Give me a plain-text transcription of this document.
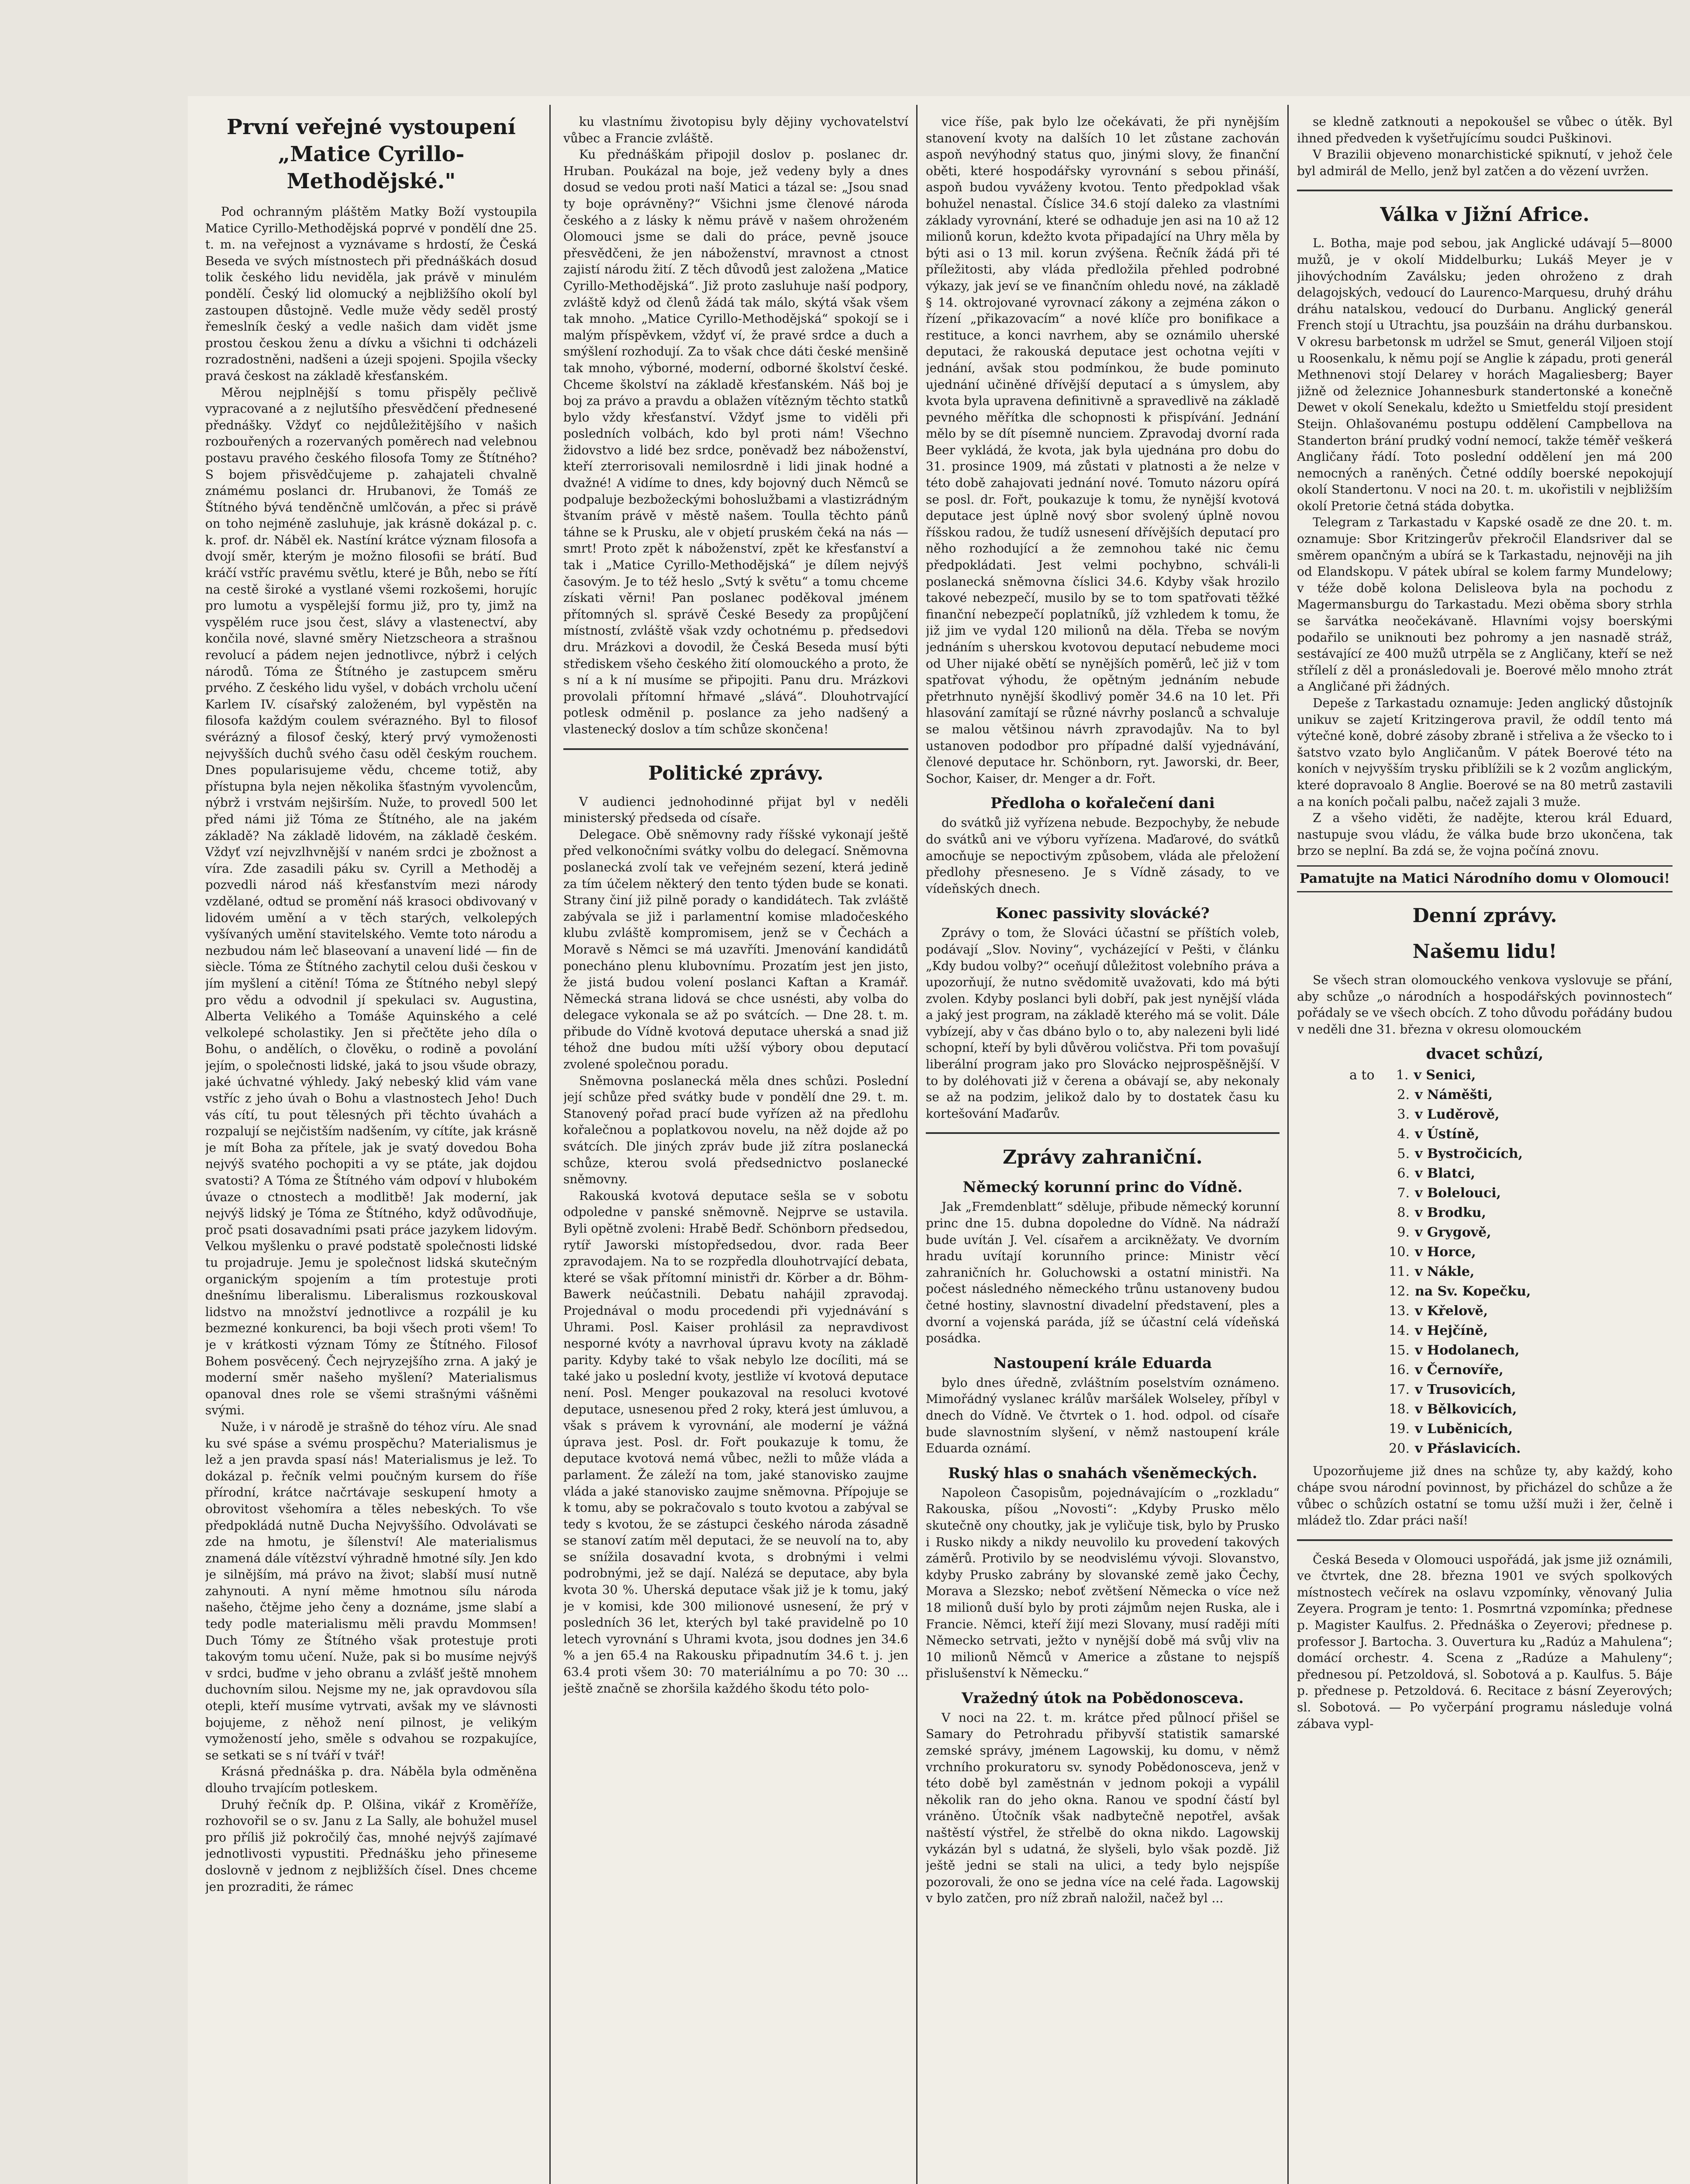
První veřejné vystoupení „Matice Cyrillo-Methodějské."

Pod ochranným pláštěm Matky Boží vystoupila Matice Cyrillo-Methodějská poprvé v pondělí dne 25. t. m. na veřejnost a vyznávame s hrdostí, že Česká Beseda ve svých místnostech při přednáškách dosud tolik českého lidu neviděla, jak právě v minulém pondělí. Český lid olomucký a nejbližšího okolí byl zastoupen důstojně. Vedle muže vědy seděl prostý řemeslník český a vedle našich dam vidět jsme prostou českou ženu a dívku a všichni ti odcházeli rozradostněni, nadšeni a úzeji spojeni. Spojila všecky pravá českost na základě křesťanském.

Měrou nejplnější s tomu přispěly pečlivě vypracované a z nejlutšího přesvědčení přednesené přednášky. Vždyť co nejdůležitějšího v našich rozbouřených a rozervaných poměrech nad velebnou postavu pravého českého filosofa Tomy ze Štítného? S bojem přisvědčujeme p. zahajateli chvalně známému poslanci dr. Hrubanovi, že Tomáš ze Štítného bývá tenděnčně umlčován, a přec si právě on toho nejméně zasluhuje, jak krásně dokázal p. c. k. prof. dr. Náběl ek. Nastíní krátce význam filosofa a dvojí směr, kterým je možno filosofii se brátí. Buď kráčí vstříc pravému světlu, které je Bůh, nebo se řítí na cestě široké a vystlané všemi rozkošemi, horujíc pro lumotu a vyspělejší formu již, pro ty, jimž na vyspělém ruce jsou čest, slávy a vlastenectví, aby končila nové, slavné směry Nietzscheora a strašnou revolucí a pádem nejen jednotlivce, nýbrž i celých národů. Tóma ze Štítného je zastupcem směru prvého. Z českého lidu vyšel, v dobách vrcholu učení Karlem IV. císařský založeném, byl vypěstěn na filosofa každým coulem svérazného. Byl to filosof svérázný a filosof český, který prvý vymoženosti nejvyšších duchů svého času oděl českým rouchem. Dnes popularisujeme vědu, chceme totiž, aby přístupna byla nejen několika šťastným vyvolencům, nýbrž i vrstvám nejširším. Nuže, to provedl 500 let před námi již Tóma ze Štítného, ale na jakém základě? Na základě lidovém, na základě českém. Vždyť vzí nejvzlhvnější v naném srdci je zbožnost a víra. Zde zasadili páku sv. Cyrill a Methoděj a pozvedli národ náš křesťanstvím mezi národy vzdělané, odtud se promění náš krasoci obdivovaný v lidovém umění a v těch starých, velkolepých vyšívaných umění stavitelského. Vemte toto národu a nezbudou nám leč blaseovaní a unavení lidé — fin de siècle. Tóma ze Štítného zachytil celou duši českou v jím myšlení a citění! Tóma ze Štítného nebyl slepý pro vědu a odvodnil jí spekulaci sv. Augustina, Alberta Velikého a Tomáše Aquinského a celé velkolepé scholastiky. Jen si přečtěte jeho díla o Bohu, o andělích, o člověku, o rodině a povolání jejím, o společnosti lidské, jaká to jsou všude obrazy, jaké úchvatné výhledy. Jaký nebeský klid vám vane vstříc z jeho úvah o Bohu a vlastnostech Jeho! Duch vás cítí, tu pout tělesných při těchto úvahách a rozpalují se nejčistším nadšením, vy cítíte, jak krásně je mít Boha za přítele, jak je svatý dovedou Boha nejvýš svatého pochopiti a vy se ptáte, jak dojdou svatosti? A Tóma ze Štítného vám odpoví v hlubokém úvaze o ctnostech a modlitbě! Jak moderní, jak nejvýš lidský je Tóma ze Štítného, když odůvodňuje, proč psati dosavadními psati práce jazykem lidovým. Velkou myšlenku o pravé podstatě společnosti lidské tu projadruje. Jemu je společnost lidská skutečným organickým spojením a tím protestuje proti dnešnímu liberalismu. Liberalismus rozkouskoval lidstvo na množství jednotlivce a rozpálil je ku bezmezné konkurenci, ba boji všech proti všem! To je v krátkosti význam Tómy ze Štítného. Filosof Bohem posvěcený. Čech nejryzejšího zrna. A jaký je moderní směr našeho myšlení? Materialismus opanoval dnes role se všemi strašnými vášněmi svými.

Nuže, i v národě je strašně do téhoz víru. Ale snad ku své spáse a svému prospěchu? Materialismus je lež a jen pravda spasí nás! Materialismus je lež. To dokázal p. řečník velmi poučným kursem do říše přírodní, krátce načrtávaje seskupení hmoty a obrovitost všehomíra a těles nebeských. To vše předpokládá nutně Ducha Nejvyššího. Odvolávati se zde na hmotu, je šílenství! Ale materialismus znamená dále vítězství výhradně hmotné síly. Jen kdo je silnějším, má právo na život; slabší musí nutně zahynouti. A nyní měme hmotnou sílu národa našeho, čtějme jeho čeny a doznáme, jsme slabí a tedy podle materialismu měli pravdu Mommsen! Duch Tómy ze Štítného však protestuje proti takovým tomu učení. Nuže, pak si bo musíme nejvýš v srdci, buďme v jeho obranu a zvlášť ještě mnohem duchovním silou. Nejsme my ne, jak opravdovou síla otepli, kteří musíme vytrvati, avšak my ve slávnosti bojujeme, z něhož není pilnost, je velikým vymožeností jeho, směle s odvahou se rozpakujíce, se setkati se s ní tváří v tvář!

Krásná přednáška p. dra. Náběla byla odměněna dlouho trvajícím potleskem.

Druhý řečník dp. P. Olšina, vikář z Kroměříže, rozhovořil se o sv. Janu z La Sally, ale bohužel musel pro příliš již pokročilý čas, mnohé nejvýš zajímavé jednotlivosti vypustiti. Přednášku jeho přineseme doslovně v jednom z nejbližších čísel. Dnes chceme jen prozraditi, že rámec

ku vlastnímu životopisu byly dějiny vychovatelství vůbec a Francie zvláště.

Ku přednáškám připojil doslov p. poslanec dr. Hruban. Poukázal na boje, jež vedeny byly a dnes dosud se vedou proti naší Matici a tázal se: „Jsou snad ty boje oprávněny?“ Všichni jsme členové národa českého a z lásky k němu právě v našem ohroženém Olomouci jsme se dali do práce, pevně jsouce přesvědčeni, že jen náboženství, mravnost a ctnost zajistí národu žití. Z těch důvodů jest založena „Matice Cyrillo-Methodějská“. Již proto zasluhuje naší podpory, zvláště když od členů žádá tak málo, skýtá však všem tak mnoho. „Matice Cyrillo-Methodějská“ spokojí se i malým příspěvkem, vždyť ví, že pravé srdce a duch a smýšlení rozhodují. Za to však chce dáti české menšině tak mnoho, výborné, moderní, odborné školství české. Chceme školství na základě křesťanském. Náš boj je boj za právo a pravdu a oblažen vítězným těchto statků bylo vždy křesťanství. Vždyť jsme to viděli při posledních volbách, kdo byl proti nám! Všechno židovstvo a lidé bez srdce, poněvadž bez náboženství, kteří zterrorisovali nemilosrdně i lidi jinak hodné a dvažné! A vidíme to dnes, kdy bojovný duch Němců se podpaluje bezbožeckými bohoslužbami a vlastizrádným štvaním právě v městě našem. Toulla těchto pánů táhne se k Prusku, ale v objetí pruském čeká na nás — smrt! Proto zpět k náboženství, zpět ke křesťanství a tak i „Matice Cyrillo-Methodějská“ je dílem nejvýš časovým. Je to též heslo „Svtý k světu“ a tomu chceme získati věrni! Pan poslanec poděkoval jménem přítomných sl. správě České Besedy za propůjčení místností, zvláště však vzdy ochotnému p. předsedovi dru. Mrázkovi a dovodil, že Česká Beseda musí býti střediskem všeho českého žití olomouckého a proto, že s ní a k ní musíme se připojiti. Panu dru. Mrázkovi provolali přítomní hřmavé „slává“. Dlouhotrvající potlesk odměnil p. poslance za jeho nadšený a vlastenecký doslov a tím schůze skončena!

Politické zprávy.

V audienci jednohodinné přijat byl v neděli ministerský předseda od císaře.

Delegace. Obě sněmovny rady říšské vykonají ještě před velkonočními svátky volbu do delegací. Sněmovna poslanecká zvolí tak ve veřejném sezení, která jedině za tím účelem některý den tento týden bude se konati. Strany činí již pilně porady o kandidátech. Tak zvláště zabývala se již i parlamentní komise mladočeského klubu zvláště kompromisem, jenž se v Čechách a Moravě s Němci se má uzavříti. Jmenování kandidátů ponecháno plenu klubovnímu. Prozatím jest jen jisto, že jistá budou volení poslanci Kaftan a Kramář. Německá strana lidová se chce usnésti, aby volba do delegace vykonala se až po svátcích. — Dne 28. t. m. přibude do Vídně kvotová deputace uherská a snad již téhož dne budou míti užší výbory obou deputací zvolené společnou poradu.

Sněmovna poslanecká měla dnes schůzi. Poslední její schůze před svátky bude v pondělí dne 29. t. m. Stanovený pořad prací bude vyřízen až na předlohu kořalečnou a poplatkovou novelu, na něž dojde až po svátcích. Dle jiných zpráv bude již zítra poslanecká schůze, kterou svolá předsednictvo poslanecké sněmovny.

Rakouská kvotová deputace sešla se v sobotu odpoledne v panské sněmovně. Nejprve se ustavila. Byli opětně zvoleni: Hrabě Bedř. Schönborn předsedou, rytíř Jaworski místopředsedou, dvor. rada Beer zpravodajem. Na to se rozpředla dlouhotrvající debata, které se však přítomní ministři dr. Körber a dr. Böhm-Bawerk neúčastnili. Debatu nahájil zpravodaj. Projednával o modu procedendi při vyjednávání s Uhrami. Posl. Kaiser prohlásil za nepravdivost nesporné kvóty a navrhoval úpravu kvoty na základě parity. Kdyby také to však nebylo lze docíliti, má se také jako u poslední kvoty, jestliže ví kvotová deputace není. Posl. Menger poukazoval na resoluci kvotové deputace, usnesenou před 2 roky, která jest úmluvou, a však s právem k vyrovnání, ale moderní je vážná úprava jest. Posl. dr. Fořt poukazuje k tomu, že deputace kvotová nemá vůbec, nežli to může vláda a parlament. Že záleží na tom, jaké stanovisko zaujme vláda a jaké stanovisko zaujme sněmovna. Přípojuje se k tomu, aby se pokračovalo s touto kvotou a zabýval se tedy s kvotou, že se zástupci českého národa zásadně se stanoví zatím měl deputaci, že se neuvolí na to, aby se snížila dosavadní kvota, s drobnými i velmi podrobnými, jež se dají. Nalézá se deputace, aby byla kvota 30 %. Uherská deputace však již je k tomu, jaký je v komisi, kde 300 milionové usnesení, že prý v posledních 36 let, kterých byl také pravidelně po 10 letech vyrovnání s Uhrami kvota, jsou dodnes jen 34.6 % a jen 65.4 na Rakousku připadnutím 34.6 t. j. jen 63.4 proti všem 30: 70 materiálnímu a po 70: 30 ... ještě značně se zhoršila každého škodu této polo-

vice říše, pak bylo lze očekávati, že při nynějším stanovení kvoty na dalších 10 let zůstane zachován aspoň nevýhodný status quo, jinými slovy, že finanční oběti, které hospodářsky vyrovnání s sebou přináší, aspoň budou vyváženy kvotou. Tento předpoklad však bohužel nenastal. Číslice 34.6 stojí daleko za vlastními základy vyrovnání, které se odhaduje jen asi na 10 až 12 milionů korun, kdežto kvota připadající na Uhry měla by býti asi o 13 mil. korun zvýšena. Řečník žádá při té příležitosti, aby vláda předložila přehled podrobné výkazy, jak jeví se ve finančním ohledu nové, na základě § 14. oktrojované vyrovnací zákony a zejména zákon o řízení „přikazovacím“ a nové klíče pro bonifikace a restituce, a konci navrhem, aby se oznámilo uherské deputaci, že rakouská deputace jest ochotna vejíti v jednání, avšak stou podmínkou, že bude pominuto ujednání učiněné dřívější deputací a s úmyslem, aby kvota byla upravena definitivně a spravedlivě na základě pevného měřítka dle schopnosti k přispívání. Jednání mělo by se dít písemně nunciem. Zpravodaj dvorní rada Beer vykládá, že kvota, jak byla ujednána pro dobu do 31. prosince 1909, má zůstati v platnosti a že nelze v této době zahajovati jednání nové. Tomuto názoru opírá se posl. dr. Fořt, poukazuje k tomu, že nynější kvotová deputace jest úplně nový sbor svolený úplně novou říšskou radou, že tudíž usnesení dřívějších deputací pro něho rozhodující a že zemnohou také nic čemu předpokládati. Jest velmi pochybno, schváli-li poslanecká sněmovna číslici 34.6. Kdyby však hrozilo takové nebezpečí, musilo by se to tom spatřovati těžké finanční nebezpečí poplatníků, jíž vzhledem k tomu, že již jim ve vydal 120 milionů na děla. Třeba se novým jednáním s uherskou kvotovou deputací nebudeme moci od Uher nijaké obětí se nynějších poměrů, leč již v tom spatřovat výhodu, že opětným jednáním nebude přetrhnuto nynější škodlivý poměr 34.6 na 10 let. Při hlasování zamítají se různé návrhy poslanců a schvaluje se malou většinou návrh zpravodajův. Na to byl ustanoven pododbor pro případné další vyjednávání, členové deputace hr. Schönborn, ryt. Jaworski, dr. Beer, Sochor, Kaiser, dr. Menger a dr. Fořt.

Předloha o kořalečení dani

do svátků již vyřízena nebude. Bezpochyby, že nebude do svátků ani ve výboru vyřízena. Maďarové, do svátků amocňuje se nepoctivým způsobem, vláda ale přeložení předlohy přesneseno. Je s Vídně zásady, to ve vídeňských dnech.

Konec passivity slovácké?

Zprávy o tom, že Slováci účastní se příštích voleb, podávají „Slov. Noviny“, vycházející v Pešti, v článku „Kdy budou volby?“ oceňují důležitost volebního práva a upozorňují, že nutno svědomitě uvažovati, kdo má býti zvolen. Kdyby poslanci byli dobří, pak jest nynější vláda a jaký jest program, na základě kterého má se volit. Dále vybízejí, aby v čas dbáno bylo o to, aby nalezeni byli lidé schopní, kteří by byli důvěrou voličstva. Při tom povašují liberální program jako pro Slovácko nejprospěšnější. V to by doléhovati již v čerena a obávají se, aby nekonaly se až na podzim, jelikož dalo by to dostatek času ku kortešování Maďarův.

Zprávy zahraniční.
Německý korunní princ do Vídně.

Jak „Fremdenblatt“ sděluje, přibude německý korunní princ dne 15. dubna dopoledne do Vídně. Na nádraží bude uvítán J. Vel. císařem a arcikněžaty. Ve dvorním hradu uvítají korunního prince: Ministr věcí zahraničních hr. Goluchowski a ostatní ministři. Na počest následného německého trůnu ustanoveny budou četné hostiny, slavnostní divadelní představení, ples a dvorní a vojenská paráda, jíž se účastní celá vídeňská posádka.

Nastoupení krále Eduarda

bylo dnes úředně, zvláštním poselstvím oznámeno. Mimořádný vyslanec králův maršálek Wolseley, příbyl v dnech do Vídně. Ve čtvrtek o 1. hod. odpol. od císaře bude slavnostním slyšení, v němž nastoupení krále Eduarda oznámí.

Ruský hlas o snahách všeněmeckých.

Napoleon Časopisům, pojednávajícím o „rozkladu“ Rakouska, píšou „Novosti“: „Kdyby Prusko mělo skutečně ony choutky, jak je vyličuje tisk, bylo by Prusko i Rusko nikdy a nikdy neuvolilo ku provedení takových záměrů. Protivilo by se neodvislému vývoji. Slovanstvo, kdyby Prusko zabrány by slovanské země jako Čechy, Morava a Slezsko; neboť zvětšení Německa o více než 18 milionů duší bylo by proti zájmům nejen Ruska, ale i Francie. Němci, kteří žijí mezi Slovany, musí raději míti Německo setrvati, ježto v nynější době má svůj vliv na 10 milionů Němců v Americe a zůstane to nejspíš přislušenství k Německu.“

Vražedný útok na Pobědonosceva.

V noci na 22. t. m. krátce před půlnocí přišel se Samary do Petrohradu přibyvší statistik samarské zemské správy, jménem Lagowskij, ku domu, v němž vrchního prokuratoru sv. synody Pobědonosceva, jenž v této době byl zaměstnán v jednom pokoji a vypálil několik ran do jeho okna. Ranou ve spodní částí byl vráněno. Útočník však nadbytečně nepotřel, avšak naštěstí výstřel, že střelbě do okna nikdo. Lagowskij vykázán byl s udatná, že slyšeli, bylo však pozdě. Již ještě jedni se stali na ulici, a tedy bylo nejspíše pozorovali, že ono se jedna více na celé řada. Lagowskij v bylo zatčen, pro níž zbraň naložil, načež byl ...

se kledně zatknouti a nepokoušel se vůbec o útěk. Byl ihned předveden k vyšetřujícímu soudci Puškinovi.

V Brazilii objeveno monarchistické spiknutí, v jehož čele byl admirál de Mello, jenž byl zatčen a do vězení uvržen.

Válka v Jižní Africe.

L. Botha, maje pod sebou, jak Anglické udávají 5—8000 mužů, je v okolí Middelburku; Lukáš Meyer je v jihovýchodním Zaválsku; jeden ohroženo z drah delagojských, vedoucí do Laurenco-Marquesu, druhý dráhu dráhu natalskou, vedoucí do Durbanu. Anglický generál French stojí u Utrachtu, jsa pouzšáin na dráhu durbanskou. V okresu barbetonsk m udržel se Smut, generál Viljoen stojí u Roosenkalu, k němu pojí se Anglie k západu, proti generál Methnenovi stojí Delarey v horách Magaliesberg; Bayer jižně od železnice Johannesburk standertonské a konečně Dewet v okolí Senekalu, kdežto u Smietfeldu stojí president Steijn. Ohlašovanému postupu oddělení Campbellova na Standerton brání prudký vodní nemocí, takže téměř veškerá Angličany řádí. Toto poslední oddělení jen má 200 nemocných a raněných. Četné oddíly boerské nepokojují okolí Standertonu. V noci na 20. t. m. ukořistili v nejbližším okolí Pretorie četná stáda dobytka.

Telegram z Tarkastadu v Kapské osadě ze dne 20. t. m. oznamuje: Sbor Kritzingerův překročil Elandsriver dal se směrem opančným a ubírá se k Tarkastadu, nejnověji na jih od Elandskopu. V pátek ubíral se kolem farmy Mundelowy; v téže době kolona Delisleova byla na pochodu z Magermansburgu do Tarkastadu. Mezi oběma sbory strhla se šarvátka neočekávaně. Hlavními vojsy boerskými podařilo se uniknouti bez pohromy a jen nasnadě stráž, sestávající ze 400 mužů utrpěla se z Angličany, kteří se než střílelí z děl a pronásledovali je. Boerové mělo mnoho ztrát a Angličané při žádných.

Depeše z Tarkastadu oznamuje: Jeden anglický důstojník unikuv se zajetí Kritzingerova pravil, že oddíl tento má výtečné koně, dobré zásoby zbraně i střeliva a že všecko to i šatstvo vzato bylo Angličanům. V pátek Boerové této na koních v nejvyšším trysku přiblížili se k 2 vozům anglickým, které dopravoalo 8 Anglie. Boerové se na 80 metrů zastavili a na koních počali palbu, načež zajali 3 muže.

Z a všeho viděti, že nadějte, kterou král Eduard, nastupuje svou vládu, že válka bude brzo ukončena, tak brzo se neplní. Ba zdá se, že vojna počíná znovu.

Pamatujte na Matici Národního domu v Olomouci!
Denní zprávy.
Našemu lidu!

Se všech stran olomouckého venkova vyslovuje se přání, aby schůze „o národních a hospodářských povinnostech“ pořádaly se ve všech obcích. Z toho důvodu pořádány budou v neděli dne 31. března v okresu olomouckém

dvacet schůzí,
a to 1. v Senici,
2. v Náměšti,
3. v Luděrově,
4. v Ústíně,
5. v Bystročicích,
6. v Blatci,
7. v Bolelouci,
8. v Brodku,
9. v Grygově,
10. v Horce,
11. v Nákle,
12. na Sv. Kopečku,
13. v Křelově,
14. v Hejčíně,
15. v Hodolanech,
16. v Černovíře,
17. v Trusovicích,
18. v Bělkovicích,
19. v Luběnicích,
20. v Přáslavicích.

Upozorňujeme již dnes na schůze ty, aby každý, koho chápe svou národní povinnost, by přicházel do schůze a že vůbec o schůzích ostatní se tomu užší muži i žer, čelně i mládež tlo. Zdar práci naší!

Česká Beseda v Olomouci uspořádá, jak jsme již oznámili, ve čtvrtek, dne 28. března 1901 ve svých spolkových místnostech večírek na oslavu vzpomínky, věnovaný Julia Zeyera. Program je tento: 1. Posmrtná vzpomínka; přednese p. Magister Kaulfus. 2. Přednáška o Zeyerovi; přednese p. professor J. Bartocha. 3. Ouvertura ku „Radúz a Mahulena“; domácí orchestr. 4. Scena z „Radúze a Mahuleny“; přednesou pí. Petzoldová, sl. Sobotová a p. Kaulfus. 5. Báje p. přednese p. Petzoldová. 6. Recitace z básní Zeyerových; sl. Sobotová. — Po vyčerpání programu následuje volná zábava vypl-
